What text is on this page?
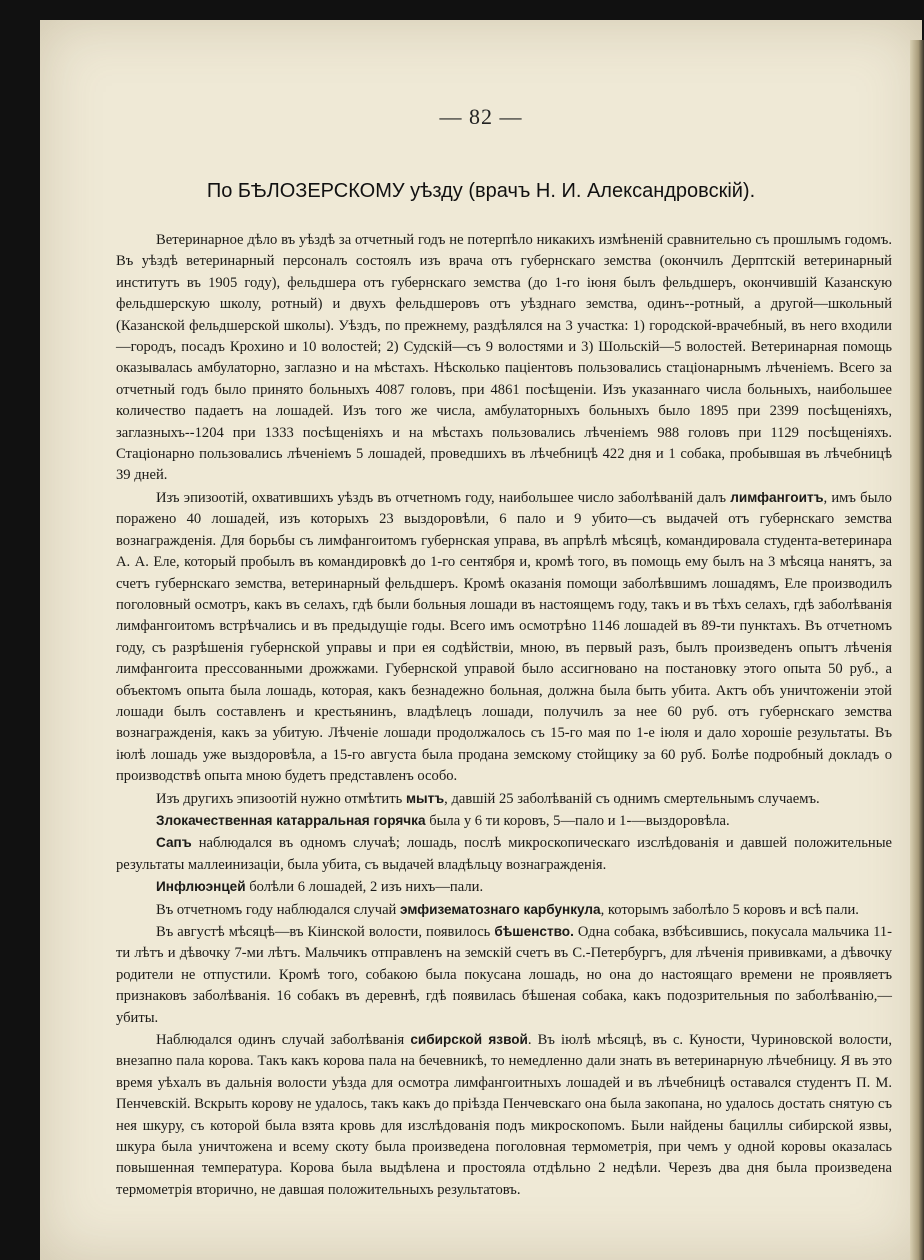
— 82 —
По БѢЛОЗЕРСКОМУ уѣзду (врачъ Н. И. Александровскій).

Ветеринарное дѣло въ уѣздѣ за отчетный годъ не потерпѣло никакихъ измѣненій сравнительно съ прошлымъ годомъ. Въ уѣздѣ ветеринарный персоналъ состоялъ изъ врача отъ губернскаго земства (окончилъ Дерптскій ветеринарный институтъ въ 1905 году), фельдшера отъ губернскаго земства (до 1-го іюня былъ фельдшеръ, окончившій Казанскую фельдшерскую школу, ротный) и двухъ фельдшеровъ отъ уѣзднаго земства, одинъ--ротный, а другой—школьный (Казанской фельдшерской школы). Уѣздъ, по прежнему, раздѣлялся на 3 участка: 1) городской-врачебный, въ него входили—городъ, посадъ Крохино и 10 волостей; 2) Судскій—съ 9 волостями и 3) Шольскій—5 волостей. Ветеринарная помощь оказывалась амбулаторно, заглазно и на мѣстахъ. Нѣсколько паціентовъ пользовались стаціонарнымъ лѣченіемъ. Всего за отчетный годъ было принято больныхъ 4087 головъ, при 4861 посѣщеніи. Изъ указаннаго числа больныхъ, наибольшее количество падаетъ на лошадей. Изъ того же числа, амбулаторныхъ больныхъ было 1895 при 2399 посѣщеніяхъ, заглазныхъ--1204 при 1333 посѣщеніяхъ и на мѣстахъ пользовались лѣченіемъ 988 головъ при 1129 посѣщеніяхъ. Стаціонарно пользовались лѣченіемъ 5 лошадей, проведшихъ въ лѣчебницѣ 422 дня и 1 собака, пробывшая въ лѣчебницѣ 39 дней.

Изъ эпизоотій, охватившихъ уѣздъ въ отчетномъ году, наибольшее число заболѣваній далъ лимфангоитъ, имъ было поражено 40 лошадей, изъ которыхъ 23 выздоровѣли, 6 пало и 9 убито—съ выдачей отъ губернскаго земства вознагражденія. Для борьбы съ лимфангоитомъ губернская управа, въ апрѣлѣ мѣсяцѣ, командировала студента-ветеринара А. А. Еле, который пробылъ въ командировкѣ до 1-го сентября и, кромѣ того, въ помощь ему былъ на 3 мѣсяца нанятъ, за счетъ губернскаго земства, ветеринарный фельдшеръ. Кромѣ оказанія помощи заболѣвшимъ лошадямъ, Еле производилъ поголовный осмотръ, какъ въ селахъ, гдѣ были больныя лошади въ настоящемъ году, такъ и въ тѣхъ селахъ, гдѣ заболѣванія лимфангоитомъ встрѣчались и въ предыдущіе годы. Всего имъ осмотрѣно 1146 лошадей въ 89-ти пунктахъ. Въ отчетномъ году, съ разрѣшенія губернской управы и при ея содѣйствіи, мною, въ первый разъ, былъ произведенъ опытъ лѣченія лимфангоита прессованными дрожжами. Губернской управой было ассигновано на постановку этого опыта 50 руб., а объектомъ опыта была лошадь, которая, какъ безнадежно больная, должна была быть убита. Актъ объ уничтоженіи этой лошади былъ составленъ и крестьянинъ, владѣлецъ лошади, получилъ за нее 60 руб. отъ губернскаго земства вознагражденія, какъ за убитую. Лѣченіе лошади продолжалось съ 15-го мая по 1-е іюля и дало хорошіе результаты. Въ іюлѣ лошадь уже выздоровѣла, а 15-го августа была продана земскому стойщику за 60 руб. Болѣе подробный докладъ о производствѣ опыта мною будетъ представленъ особо.

Изъ другихъ эпизоотій нужно отмѣтить мытъ, давшій 25 заболѣваній съ однимъ смертельнымъ случаемъ.

Злокачественная катарральная горячка была у 6 ти коровъ, 5—пало и 1-—выздоровѣла.

Сапъ наблюдался въ одномъ случаѣ; лошадь, послѣ микроскопическаго изслѣдованія и давшей положительные результаты маллеинизаціи, была убита, съ выдачей владѣльцу вознагражденія.

Инфлюэнцей болѣли 6 лошадей, 2 изъ нихъ—пали.

Въ отчетномъ году наблюдался случай эмфизематознаго карбункула, которымъ заболѣло 5 коровъ и всѣ пали.

Въ августѣ мѣсяцѣ—въ Кіинской волости, появилось бѣшенство. Одна собака, взбѣсившись, покусала мальчика 11-ти лѣтъ и дѣвочку 7-ми лѣтъ. Мальчикъ отправленъ на земскій счетъ въ С.-Петербургъ, для лѣченія прививками, а дѣвочку родители не отпустили. Кромѣ того, собакою была покусана лошадь, но она до настоящаго времени не проявляетъ признаковъ заболѣванія. 16 собакъ въ деревнѣ, гдѣ появилась бѣшеная собака, какъ подозрительныя по заболѣванію,—убиты.

Наблюдался одинъ случай заболѣванія сибирской язвой. Въ іюлѣ мѣсяцѣ, въ с. Куности, Чуриновской волости, внезапно пала корова. Такъ какъ корова пала на бечевникѣ, то немедленно дали знать въ ветеринарную лѣчебницу. Я въ это время уѣхалъ въ дальнія волости уѣзда для осмотра лимфангоитныхъ лошадей и въ лѣчебницѣ оставался студентъ П. М. Пенчевскій. Вскрыть корову не удалось, такъ какъ до пріѣзда Пенчевскаго она была закопана, но удалось достать снятую съ нея шкуру, съ которой была взята кровь для изслѣдованія подъ микроскопомъ. Были найдены бациллы сибирской язвы, шкура была уничтожена и всему скоту была произведена поголовная термометрія, при чемъ у одной коровы оказалась повышенная температура. Корова была выдѣлена и простояла отдѣльно 2 недѣли. Черезъ два дня была произведена термометрія вторично, не давшая положительныхъ результатовъ.
